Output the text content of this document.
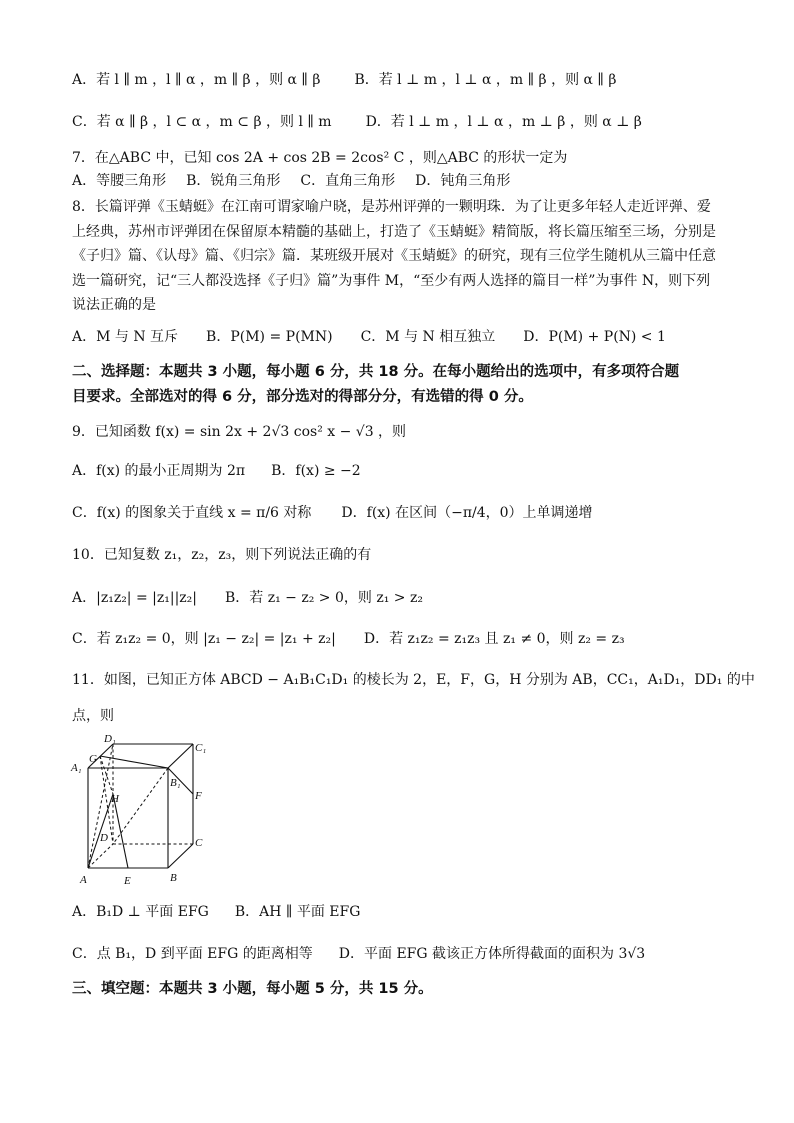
A．若 l ∥ m ，l ∥ α ，m ∥ β ，则 α ∥ β B．若 l ⊥ m ，l ⊥ α ，m ∥ β ，则 α ∥ β
C．若 α ∥ β ，l ⊂ α ，m ⊂ β ，则 l ∥ m D．若 l ⊥ m ，l ⊥ α ，m ⊥ β ，则 α ⊥ β
7．在△ABC 中，已知 cos 2A + cos 2B = 2cos² C ，则△ABC 的形状一定为
A．等腰三角形 B．锐角三角形 C．直角三角形 D．钝角三角形
8．长篇评弹《玉蜻蜓》在江南可谓家喻户晓，是苏州评弹的一颗明珠．为了让更多年轻人走近评弹、爱上经典，苏州市评弹团在保留原本精髓的基础上，打造了《玉蜻蜓》精简版，将长篇压缩至三场，分别是《子归》篇、《认母》篇、《归宗》篇．某班级开展对《玉蜻蜓》的研究，现有三位学生随机从三篇中任意选一篇研究，记“三人都没选择《子归》篇”为事件 M，“至少有两人选择的篇目一样”为事件 N，则下列说法正确的是
A．M 与 N 互斥 B．P(M) = P(MN) C．M 与 N 相互独立 D．P(M) + P(N) < 1
二、选择题：本题共 3 小题，每小题 6 分，共 18 分。在每小题给出的选项中，有多项符合题
目要求。全部选对的得 6 分，部分选对的得部分分，有选错的得 0 分。
9．已知函数 f(x) = sin 2x + 2√3 cos² x − √3 ，则
A．f(x) 的最小正周期为 2π B．f(x) ≥ −2
C．f(x) 的图象关于直线 x = π/6 对称 D．f(x) 在区间（−π/4，0）上单调递增
10．已知复数 z₁，z₂，z₃，则下列说法正确的有
A．|z₁z₂| = |z₁||z₂| B．若 z₁ − z₂ > 0，则 z₁ > z₂
C．若 z₁z₂ = 0，则 |z₁ − z₂| = |z₁ + z₂| D．若 z₁z₂ = z₁z₃ 且 z₁ ≠ 0，则 z₂ = z₃
11．如图，已知正方体 ABCD − A₁B₁C₁D₁ 的棱长为 2，E，F，G，H 分别为 AB，CC₁，A₁D₁，DD₁ 的中
点，则
D₁
C₁
G
A₁
B₁
H	F
D	C
A	E	B
A．B₁D ⊥ 平面 EFG B．AH ∥ 平面 EFG
C．点 B₁，D 到平面 EFG 的距离相等 D．平面 EFG 截该正方体所得截面的面积为 3√3
三、填空题：本题共 3 小题，每小题 5 分，共 15 分。
